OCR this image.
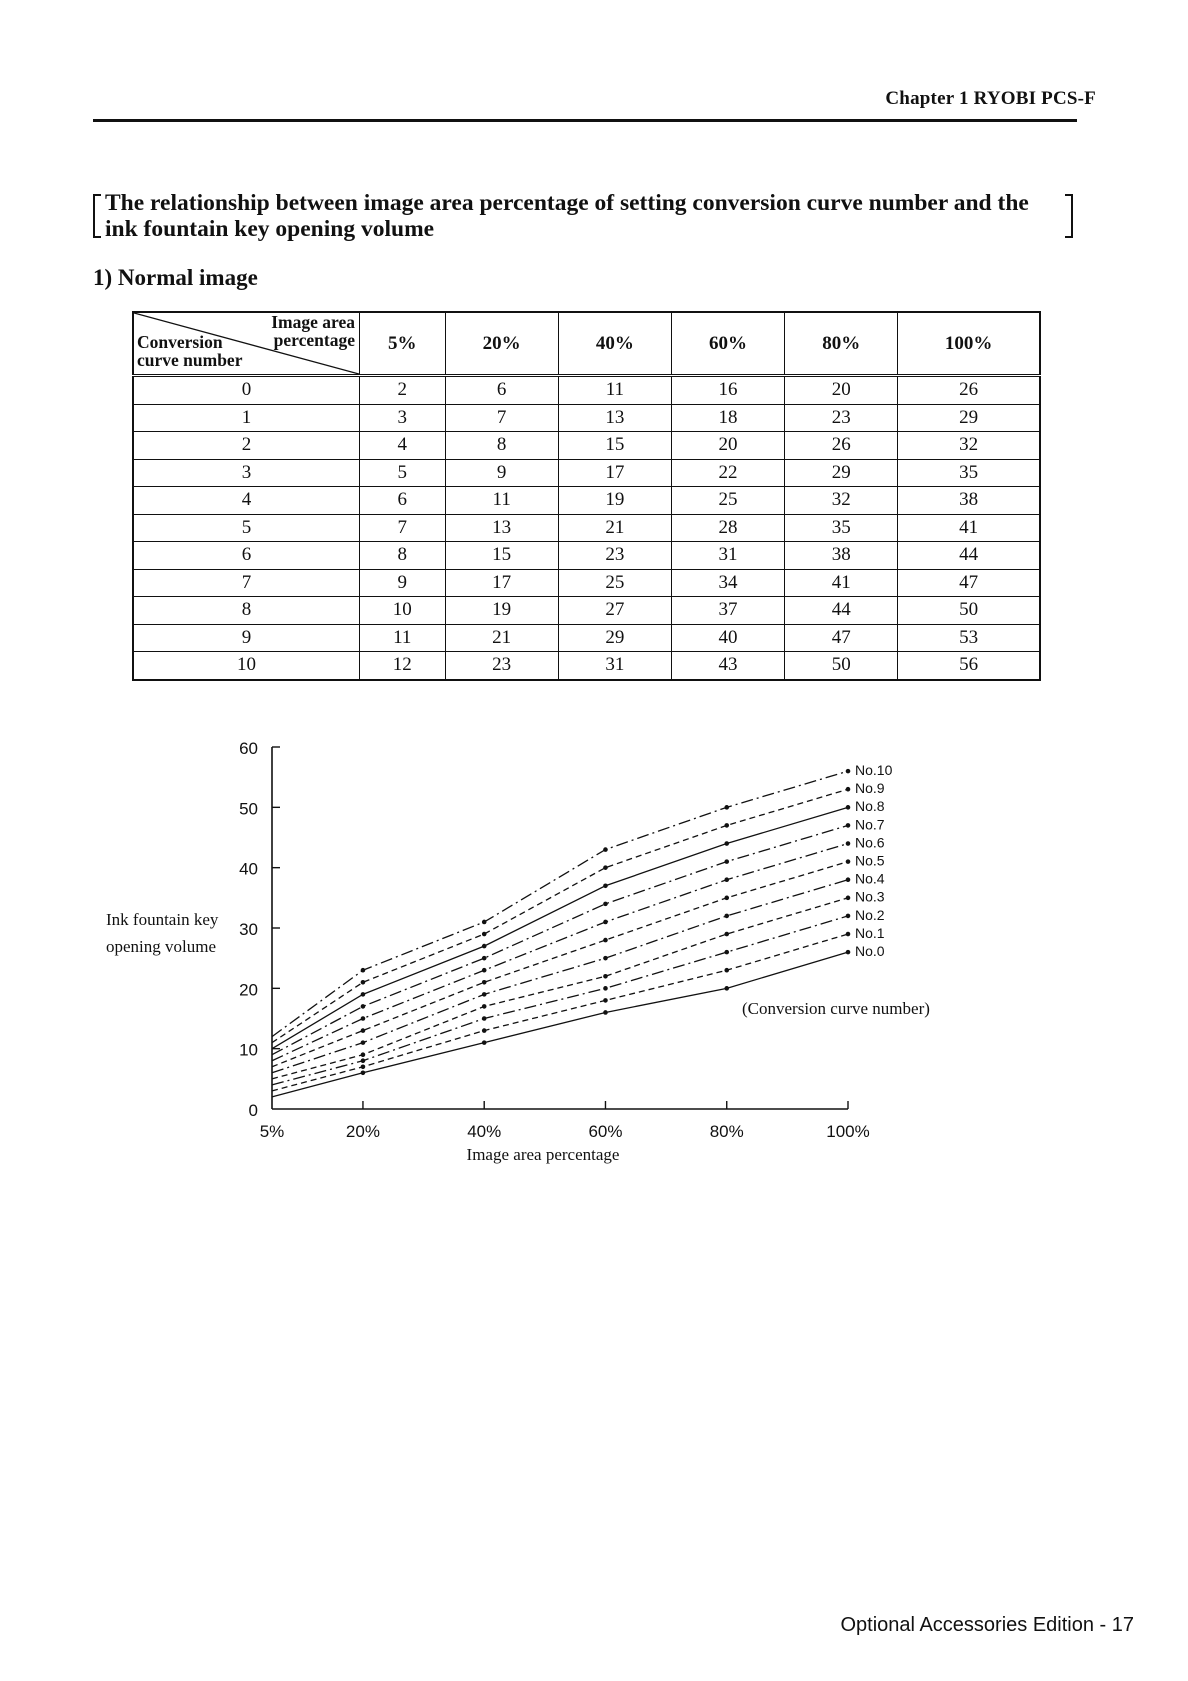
Chapter 1 RYOBI PCS-F
The relationship between image area percentage of setting conversion curve number and the
ink fountain key opening volume
1) Normal image
Image area
percentage
Conversion
curve number	5%	20%	40%	60%	80%	100%
0	2	6	11	16	20	26
1	3	7	13	18	23	29
2	4	8	15	20	26	32
3	5	9	17	22	29	35
4	6	11	19	25	32	38
5	7	13	21	28	35	41
6	8	15	23	31	38	44
7	9	17	25	34	41	47
8	10	19	27	37	44	50
9	11	21	29	40	47	53
10	12	23	31	43	50	56
0
10
20
30
40
50
60
5%	20%	40%	60%	80%	100%
Image area percentage
Ink fountain key
opening volume
No.10
No.9
No.8
No.7
No.6
No.5
No.4
No.3
No.2
No.1
No.0
(Conversion curve number)
Optional Accessories Edition - 17
